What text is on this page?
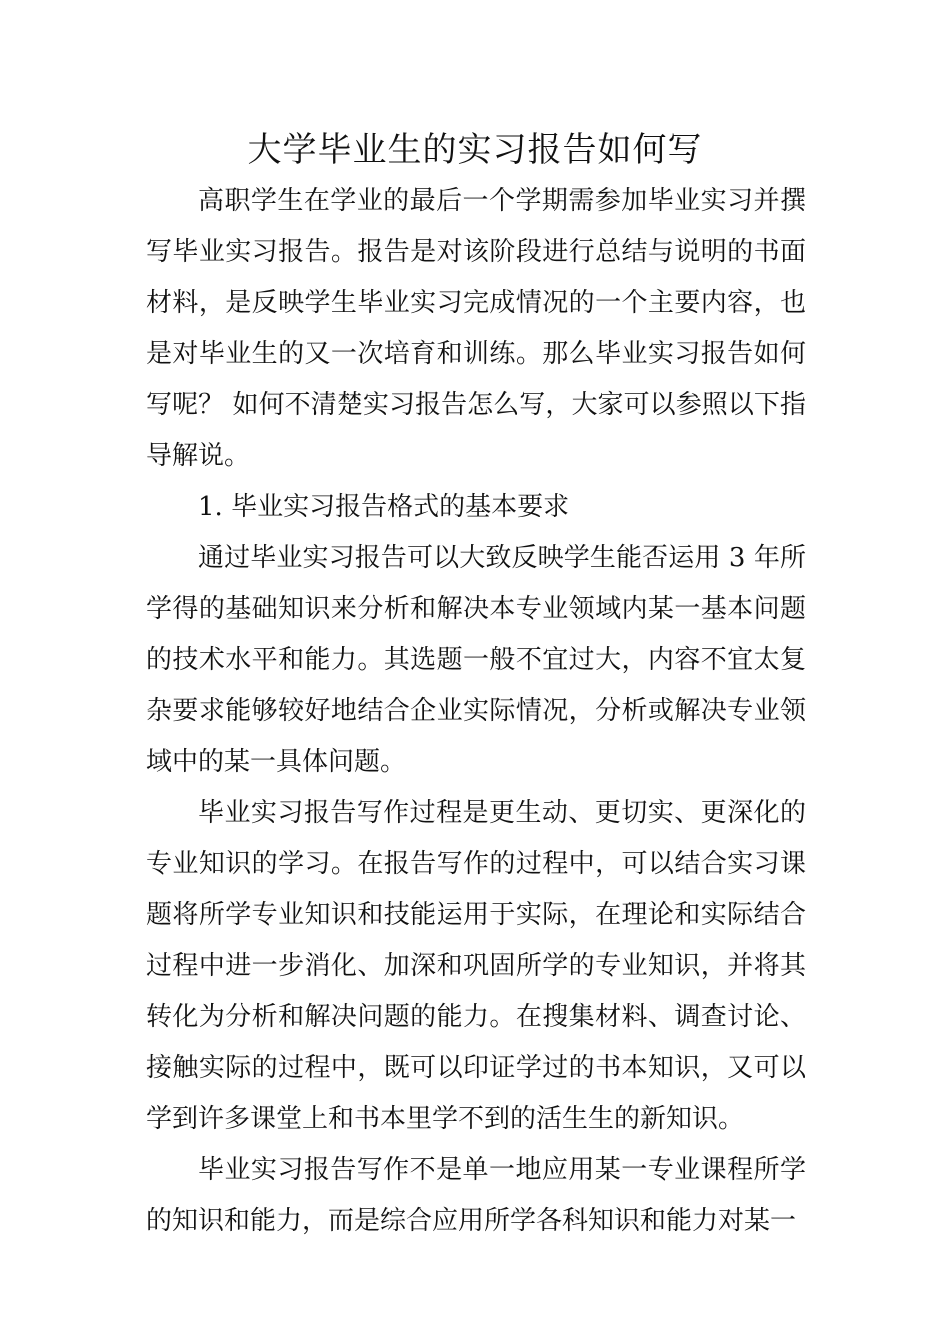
大学毕业生的实习报告如何写

高职学生在学业的最后一个学期需参加毕业实习并撰写毕业实习报告。报告是对该阶段进行总结与说明的书面材料，是反映学生毕业实习完成情况的一个主要内容，也是对毕业生的又一次培育和训练。那么毕业实习报告如何写呢？ 如何不清楚实习报告怎么写，大家可以参照以下指导解说。

1. 毕业实习报告格式的基本要求

通过毕业实习报告可以大致反映学生能否运用 3 年所学得的基础知识来分析和解决本专业领域内某一基本问题的技术水平和能力。其选题一般不宜过大，内容不宜太复杂要求能够较好地结合企业实际情况，分析或解决专业领域中的某一具体问题。

毕业实习报告写作过程是更生动、更切实、更深化的专业知识的学习。在报告写作的过程中，可以结合实习课题将所学专业知识和技能运用于实际，在理论和实际结合过程中进一步消化、加深和巩固所学的专业知识，并将其转化为分析和解决问题的能力。在搜集材料、调查讨论、接触实际的过程中，既可以印证学过的书本知识，又可以学到许多课堂上和书本里学不到的活生生的新知识。

毕业实习报告写作不是单一地应用某一专业课程所学的知识和能力，而是综合应用所学各科知识和能力对某一
